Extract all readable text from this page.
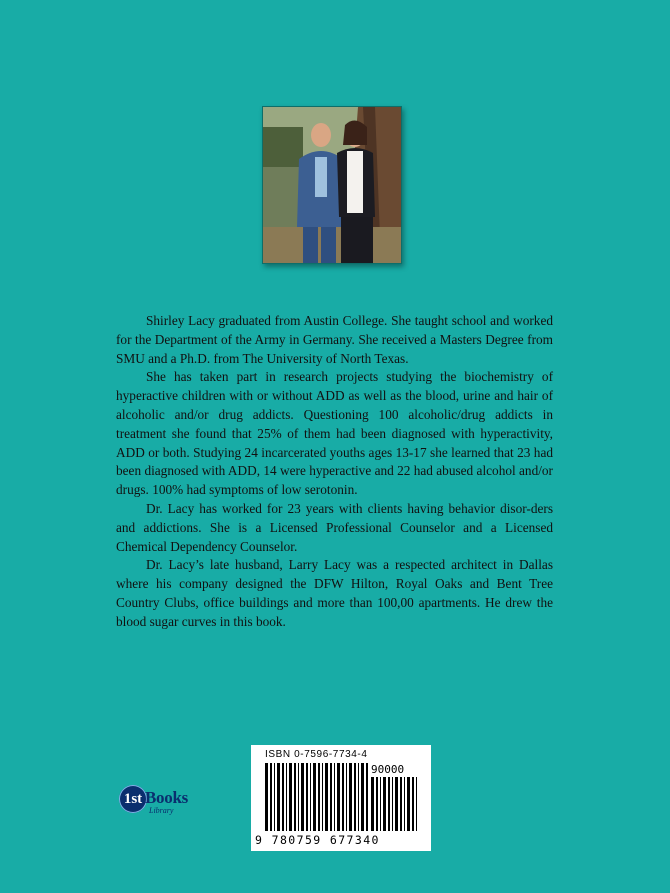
Shirley Lacy graduated from Austin College. She taught school and worked for the Department of the Army in Germany. She received a Masters Degree from SMU and a Ph.D. from The University of North Texas.

She has taken part in research projects studying the biochemistry of hyperactive children with or without ADD as well as the blood, urine and hair of alcoholic and/or drug addicts. Questioning 100 alcoholic/drug addicts in treatment she found that 25% of them had been diagnosed with hyperactivity, ADD or both. Studying 24 incarcerated youths ages 13-17 she learned that 23 had been diagnosed with ADD, 14 were hyperactive and 22 had abused alcohol and/or drugs. 100% had symptoms of low serotonin.

Dr. Lacy has worked for 23 years with clients having behavior disor-ders and addictions. She is a Licensed Professional Counselor and a Licensed Chemical Dependency Counselor.

Dr. Lacy’s late husband, Larry Lacy was a respected architect in Dallas where his company designed the DFW Hilton, Royal Oaks and Bent Tree Country Clubs, office buildings and more than 100,00 apartments. He drew the blood sugar curves in this book.

1st Books
Library
ISBN 0-7596-7734-4
90000
9 780759 677340
